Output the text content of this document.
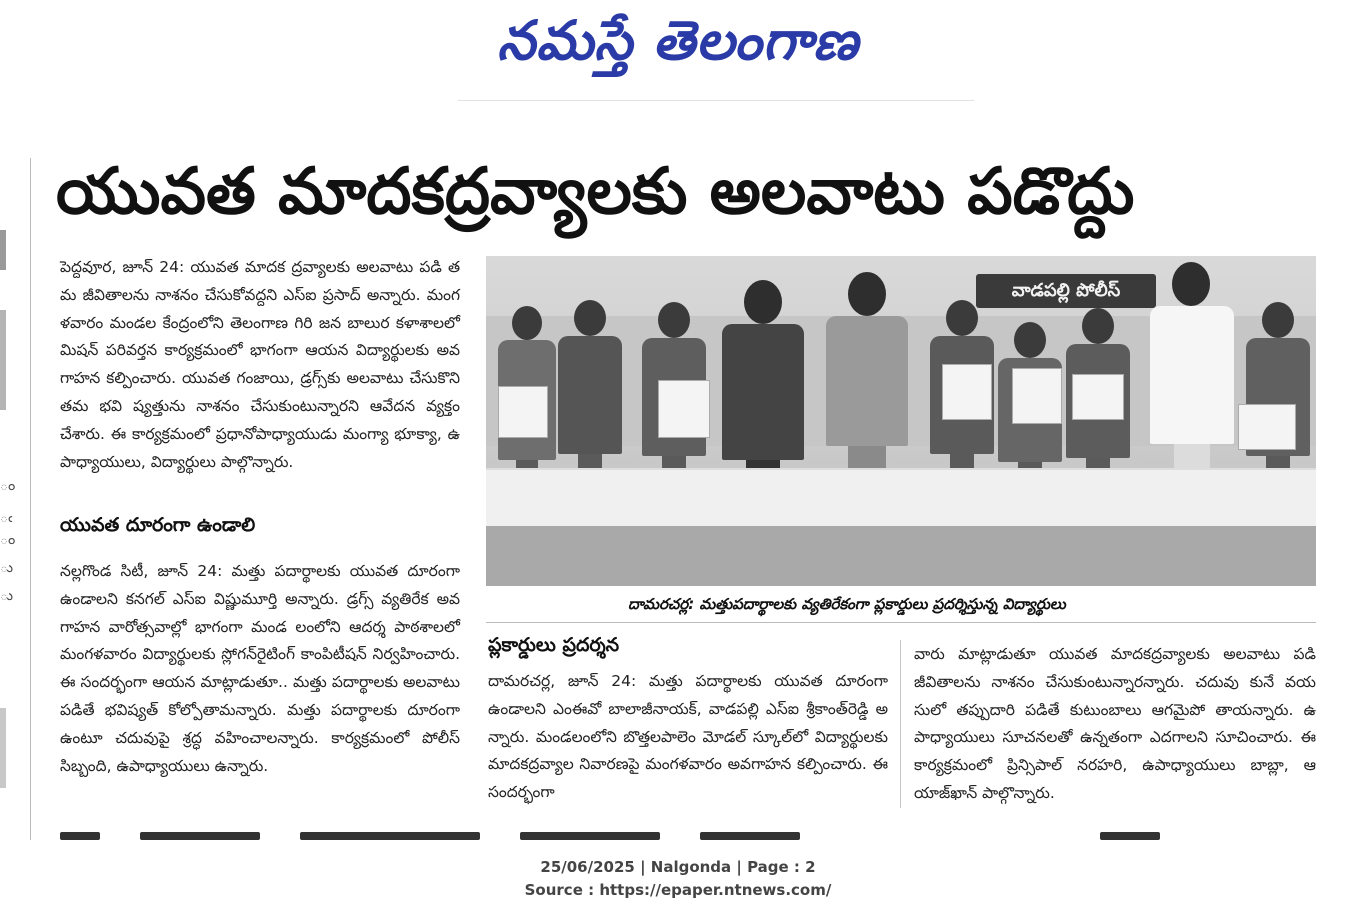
నమస్తే తెలంగాణ
ం
ఁ
ం
ు
ు
యువత మాదకద్రవ్యాలకు అలవాటు పడొద్దు
పెద్దవూర, జూన్ 24: యువత మాదక ద్రవ్యాలకు అలవాటు పడి తమ జీవితాలను నాశనం చేసుకోవద్దని ఎస్ఐ ప్రసాద్ అన్నారు. మంగళవారం మండల కేంద్రంలోని తెలంగాణ గిరి జన బాలుర కళాశాలలో మిషన్ పరివర్తన కార్యక్రమంలో భాగంగా ఆయన విద్యార్థులకు అవగాహన కల్పించారు. యువత గంజాయి, డ్రగ్స్‌కు అలవాటు చేసుకొని తమ భవి ష్యత్తును నాశనం చేసుకుంటున్నారని ఆవేదన వ్యక్తం చేశారు. ఈ కార్యక్రమంలో ప్రధానోపాధ్యాయుడు మంగ్యా భూక్యా, ఉపాధ్యాయులు, విద్యార్థులు పాల్గొన్నారు.
యువత దూరంగా ఉండాలి
నల్లగొండ సిటీ, జూన్ 24: మత్తు పదార్థాలకు యువత దూరంగా ఉండాలని కనగల్ ఎస్ఐ విష్ణుమూర్తి అన్నారు. డ్రగ్స్ వ్యతిరేక అవగాహన వారోత్సవాల్లో భాగంగా మండ లంలోని ఆదర్శ పాఠశాలలో మంగళవారం విద్యార్థులకు స్లోగన్‌రైటింగ్ కాంపిటీషన్ నిర్వహించారు. ఈ సందర్భంగా ఆయన మాట్లాడుతూ.. మత్తు పదార్థాలకు అలవాటు పడితే భవిష్యత్ కోల్పోతామన్నారు. మత్తు పదార్థాలకు దూరంగా ఉంటూ చదువుపై శ్రద్ధ వహించాలన్నారు. కార్యక్రమంలో పోలీస్ సిబ్బంది, ఉపాధ్యాయులు ఉన్నారు.
వాడపల్లి పోలీస్
దామరచర్ల: మత్తుపదార్థాలకు వ్యతిరేకంగా ప్లకార్డులు ప్రదర్శిస్తున్న విద్యార్థులు
ప్లకార్డులు ప్రదర్శన
దామరచర్ల, జూన్ 24: మత్తు పదార్థాలకు యువత దూరంగా ఉండాలని ఎంఈవో బాలాజీనాయక్, వాడపల్లి ఎస్ఐ శ్రీకాంత్‌రెడ్డి అన్నారు. మండలంలోని బొత్తలపాలెం మోడల్ స్కూల్‌లో విద్యార్థులకు మాదకద్రవ్యాల నివారణపై మంగళవారం అవగాహన కల్పించారు. ఈ సందర్భంగా
వారు మాట్లాడుతూ యువత మాదకద్రవ్యాలకు అలవాటు పడి జీవితాలను నాశనం చేసుకుంటున్నారన్నారు. చదువు కునే వయసులో తప్పుదారి పడితే కుటుంబాలు ఆగమైపో తాయన్నారు. ఉపాధ్యాయులు సూచనలతో ఉన్నతంగా ఎదగాలని సూచించారు. ఈ కార్యక్రమంలో ప్రిన్సిపాల్ నరహరి, ఉపాధ్యాయులు బాబ్లా, ఆయాజ్‌ఖాన్ పాల్గొన్నారు.
25/06/2025 | Nalgonda | Page : 2
Source : https://epaper.ntnews.com/
